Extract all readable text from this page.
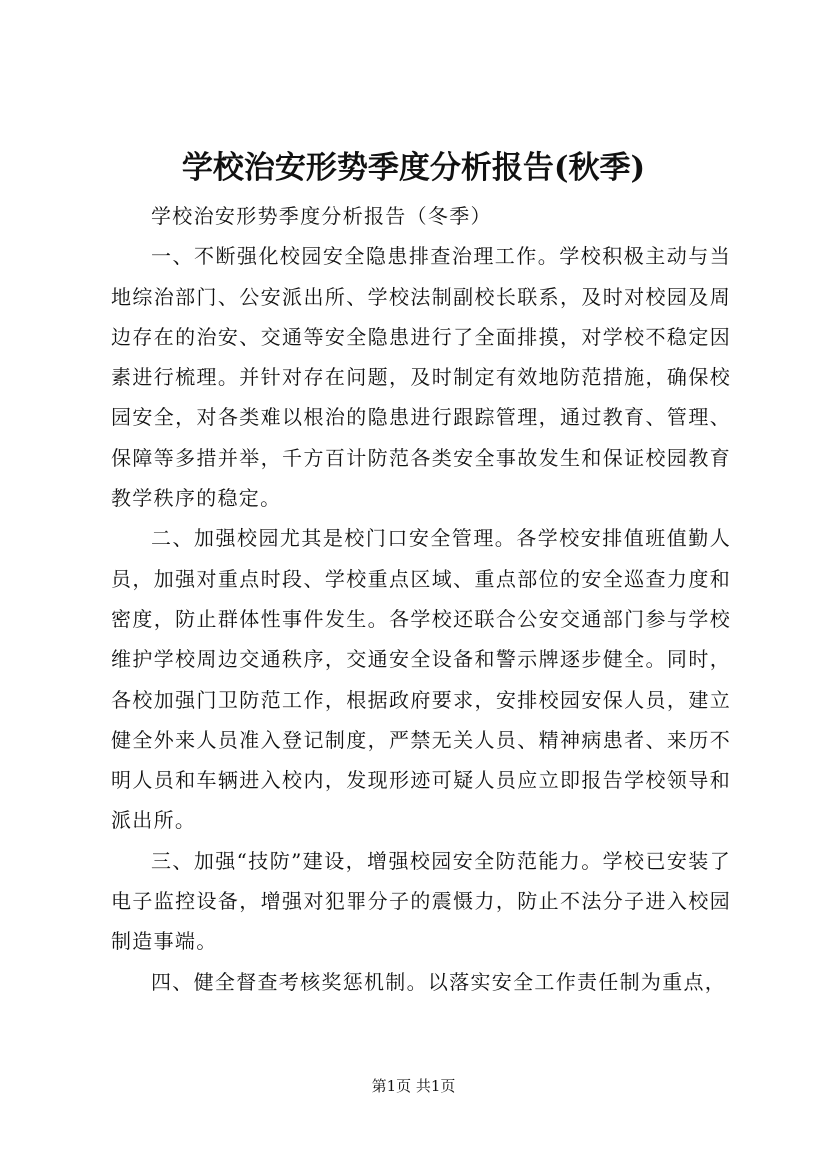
学校治安形势季度分析报告(秋季)

学校治安形势季度分析报告（冬季）

一、不断强化校园安全隐患排查治理工作。学校积极主动与当地综治部门、公安派出所、学校法制副校长联系，及时对校园及周边存在的治安、交通等安全隐患进行了全面排摸，对学校不稳定因素进行梳理。并针对存在问题，及时制定有效地防范措施，确保校园安全，对各类难以根治的隐患进行跟踪管理，通过教育、管理、保障等多措并举，千方百计防范各类安全事故发生和保证校园教育教学秩序的稳定。

二、加强校园尤其是校门口安全管理。各学校安排值班值勤人员，加强对重点时段、学校重点区域、重点部位的安全巡查力度和密度，防止群体性事件发生。各学校还联合公安交通部门参与学校维护学校周边交通秩序，交通安全设备和警示牌逐步健全。同时，各校加强门卫防范工作，根据政府要求，安排校园安保人员，建立健全外来人员准入登记制度，严禁无关人员、精神病患者、来历不明人员和车辆进入校内，发现形迹可疑人员应立即报告学校领导和派出所。

三、加强“技防”建设，增强校园安全防范能力。学校已安装了电子监控设备，增强对犯罪分子的震慑力，防止不法分子进入校园制造事端。

四、健全督查考核奖惩机制。以落实安全工作责任制为重点，

第1页 共1页
